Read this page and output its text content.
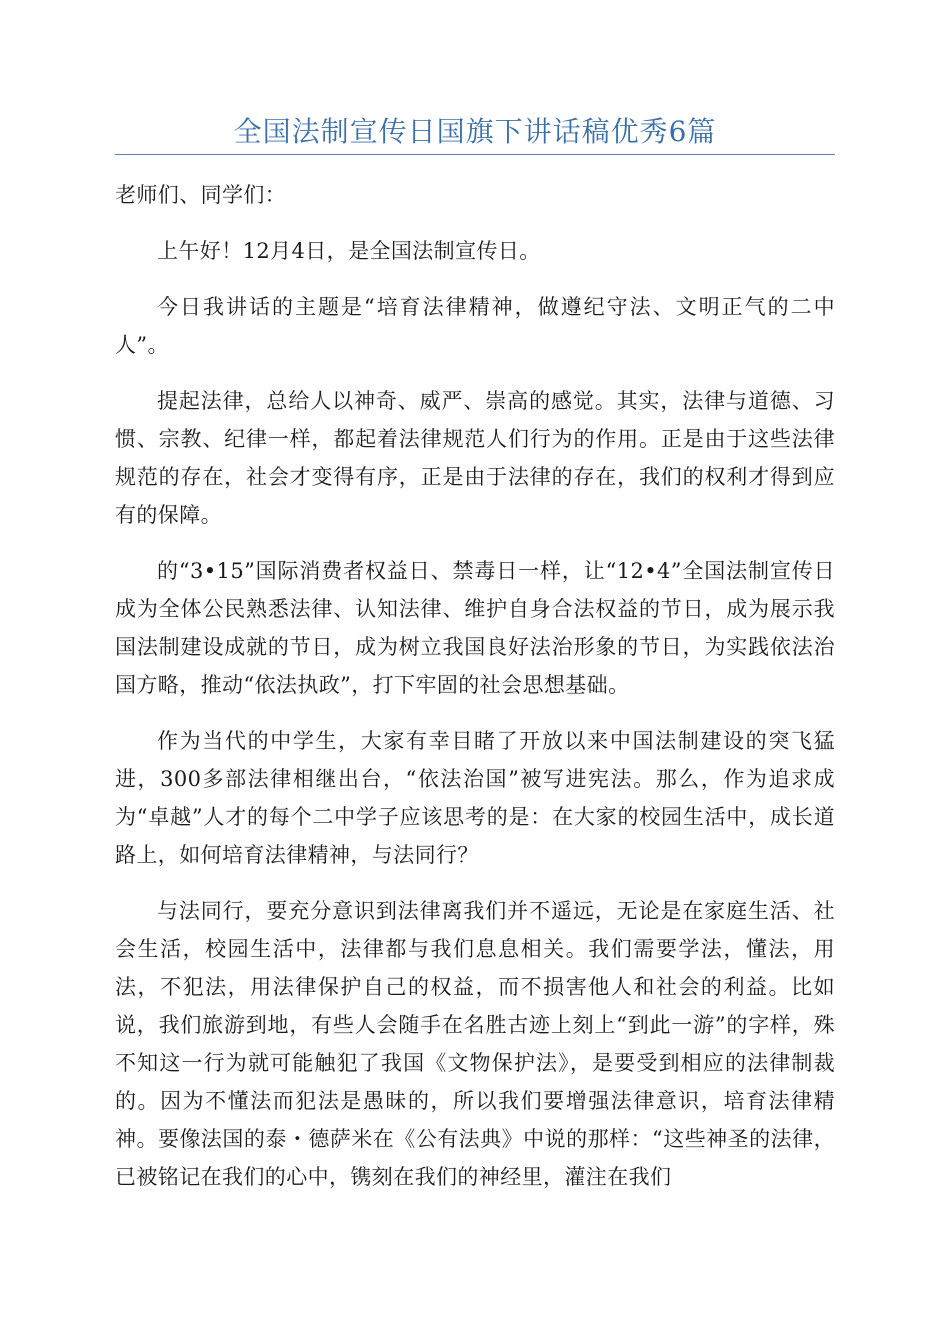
全国法制宣传日国旗下讲话稿优秀6篇

老师们、同学们：

上午好！12月4日，是全国法制宣传日。

今日我讲话的主题是“培育法律精神，做遵纪守法、文明正气的二中人”。

提起法律，总给人以神奇、威严、崇高的感觉。其实，法律与道德、习惯、宗教、纪律一样，都起着法律规范人们行为的作用。正是由于这些法律规范的存在，社会才变得有序，正是由于法律的存在，我们的权利才得到应有的保障。

的“3•15”国际消费者权益日、禁毒日一样，让“12•4”全国法制宣传日成为全体公民熟悉法律、认知法律、维护自身合法权益的节日，成为展示我国法制建设成就的节日，成为树立我国良好法治形象的节日，为实践依法治国方略，推动“依法执政”，打下牢固的社会思想基础。

作为当代的中学生，大家有幸目睹了开放以来中国法制建设的突飞猛进，300多部法律相继出台，“依法治国”被写进宪法。那么，作为追求成为“卓越”人才的每个二中学子应该思考的是：在大家的校园生活中，成长道路上，如何培育法律精神，与法同行？

与法同行，要充分意识到法律离我们并不遥远，无论是在家庭生活、社会生活，校园生活中，法律都与我们息息相关。我们需要学法，懂法，用法，不犯法，用法律保护自己的权益，而不损害他人和社会的利益。比如说，我们旅游到地，有些人会随手在名胜古迹上刻上“到此一游”的字样，殊不知这一行为就可能触犯了我国《文物保护法》，是要受到相应的法律制裁的。因为不懂法而犯法是愚昧的，所以我们要增强法律意识，培育法律精神。要像法国的泰・德萨米在《公有法典》中说的那样：“这些神圣的法律，已被铭记在我们的心中，镌刻在我们的神经里，灌注在我们
